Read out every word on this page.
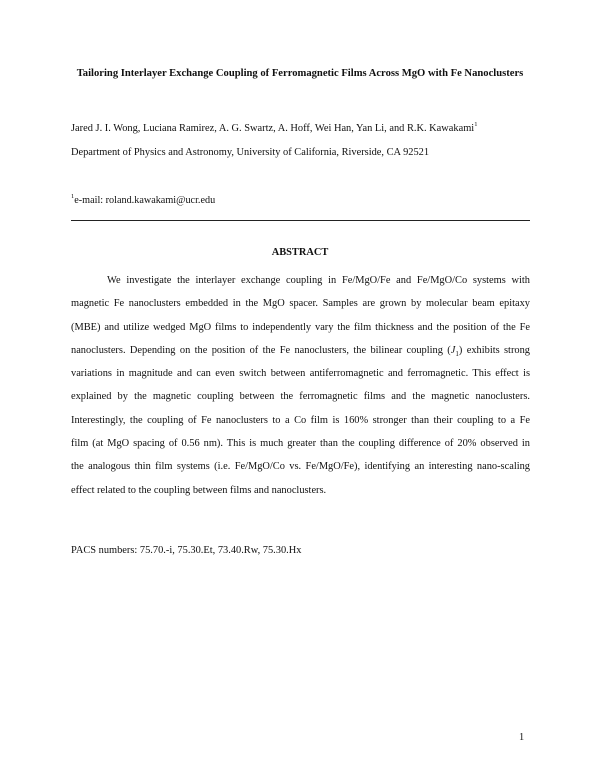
Tailoring Interlayer Exchange Coupling of Ferromagnetic Films Across MgO with Fe Nanoclusters
Jared J. I. Wong, Luciana Ramirez, A. G. Swartz, A. Hoff, Wei Han, Yan Li, and R.K. Kawakami$^1$
Department of Physics and Astronomy, University of California, Riverside, CA 92521
$^1$e-mail: roland.kawakami@ucr.edu
ABSTRACT
We investigate the interlayer exchange coupling in Fe/MgO/Fe and Fe/MgO/Co systems with
magnetic Fe nanoclusters embedded in the MgO spacer. Samples are grown by molecular beam epitaxy
(MBE) and utilize wedged MgO films to independently vary the film thickness and the position of the Fe
nanoclusters. Depending on the position of the Fe nanoclusters, the bilinear coupling $(J_1)$ exhibits strong
variations in magnitude and can even switch between antiferromagnetic and ferromagnetic. This effect is
explained by the magnetic coupling between the ferromagnetic films and the magnetic nanoclusters.
Interestingly, the coupling of Fe nanoclusters to a Co film is 160% stronger than their coupling to a Fe
film (at MgO spacing of 0.56 nm). This is much greater than the coupling difference of 20% observed in
the analogous thin film systems (i.e. Fe/MgO/Co vs. Fe/MgO/Fe), identifying an interesting nano-scaling
effect related to the coupling between films and nanoclusters.
PACS numbers: 75.70.-i, 75.30.Et, 73.40.Rw, 75.30.Hx
1
